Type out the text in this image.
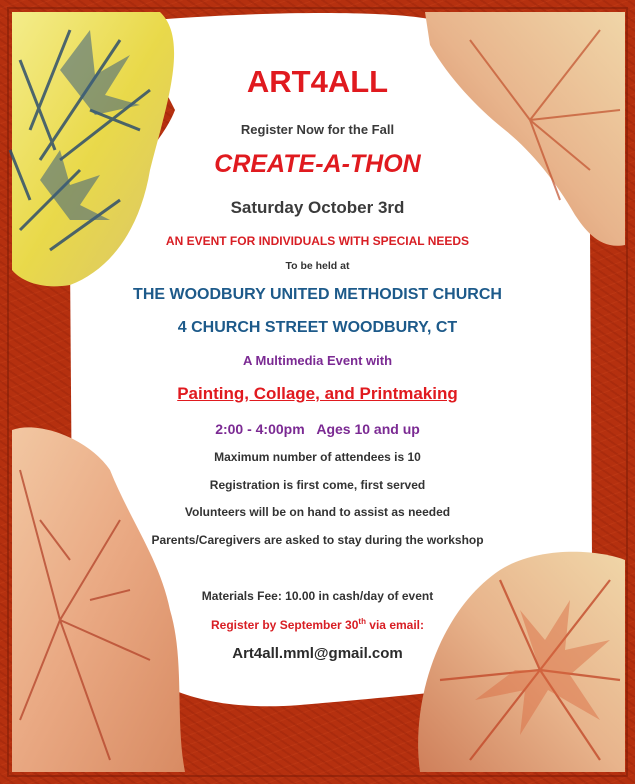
ART4ALL
Register Now for the Fall
CREATE-A-THON
Saturday October 3rd
AN EVENT FOR INDIVIDUALS WITH SPECIAL NEEDS
To be held at
THE WOODBURY UNITED METHODIST CHURCH
4 CHURCH STREET WOODBURY, CT
A Multimedia Event with
Painting, Collage, and Printmaking
2:00 - 4:00pm Ages 10 and up
Maximum number of attendees is 10
Registration is first come, first served
Volunteers will be on hand to assist as needed
Parents/Caregivers are asked to stay during the workshop
Materials Fee: 10.00 in cash/day of event
Register by September 30th via email:
Art4all.mml@gmail.com
